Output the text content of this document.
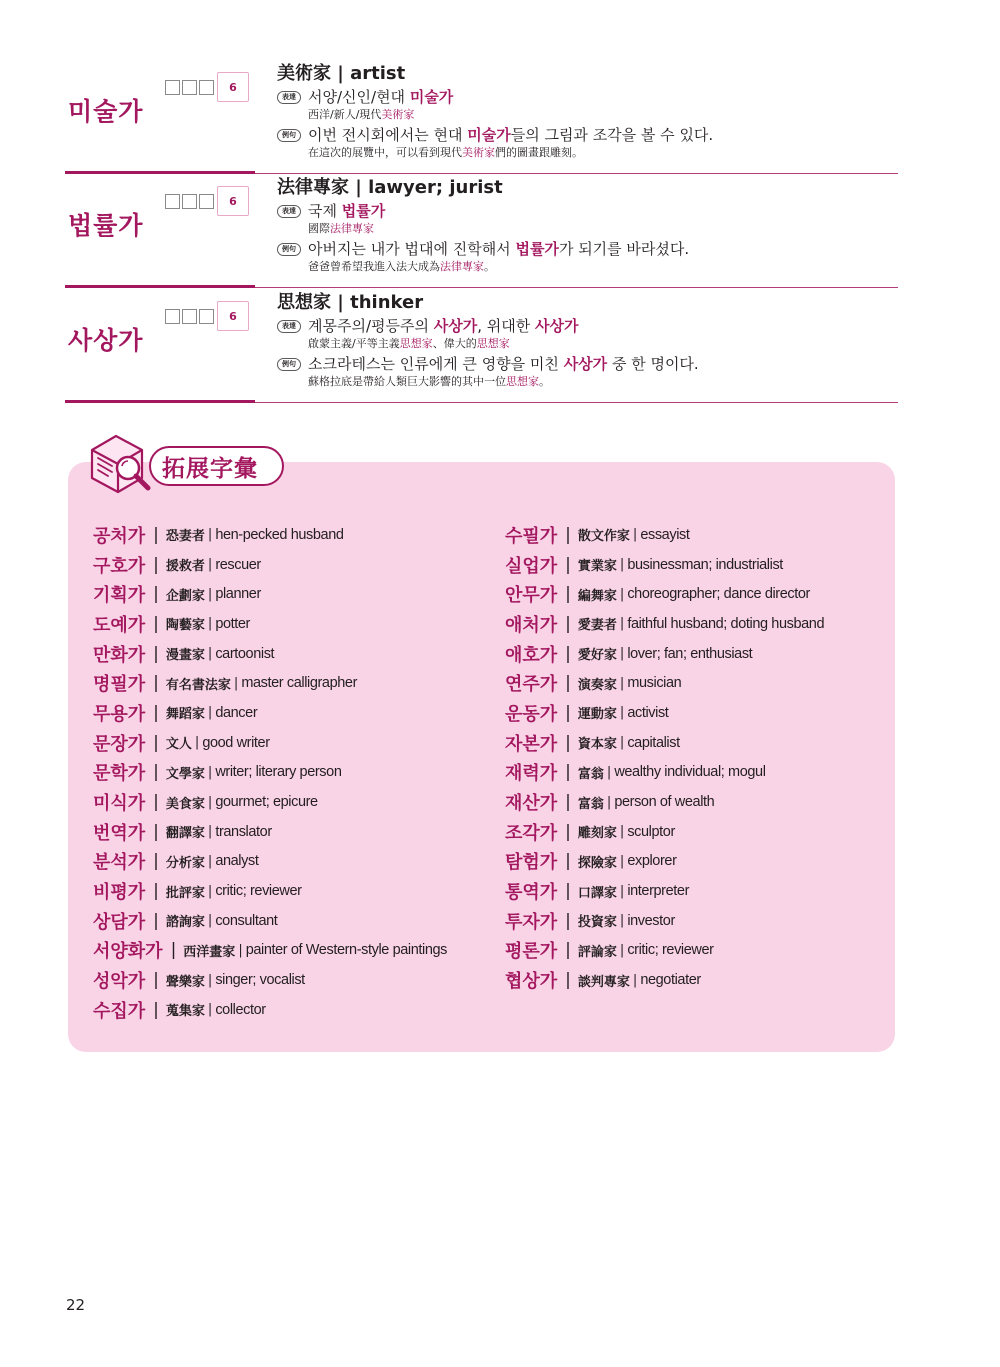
미술가
6
美術家 | artist
表達 서양/신인/현대 미술가
西洋/新人/現代美術家
例句 이번 전시회에서는 현대 미술가들의 그림과 조각을 볼 수 있다.
在這次的展覽中，可以看到現代美術家們的圖畫跟雕刻。
법률가
6
法律專家 | lawyer; jurist
表達 국제 법률가
國際法律專家
例句 아버지는 내가 법대에 진학해서 법률가가 되기를 바라셨다.
爸爸曾希望我進入法大成為法律專家。
사상가
6
思想家 | thinker
表達 계몽주의/평등주의 사상가, 위대한 사상가
啟蒙主義/平等主義思想家、偉大的思想家
例句 소크라테스는 인류에게 큰 영향을 미친 사상가 중 한 명이다.
蘇格拉底是帶給人類巨大影響的其中一位思想家。
拓展字彙
공처가 | 恐妻者 | hen-pecked husband
구호가 | 援救者 | rescuer
기획가 | 企劃家 | planner
도예가 | 陶藝家 | potter
만화가 | 漫畫家 | cartoonist
명필가 | 有名書法家 | master calligrapher
무용가 | 舞蹈家 | dancer
문장가 | 文人 | good writer
문학가 | 文學家 | writer; literary person
미식가 | 美食家 | gourmet; epicure
번역가 | 翻譯家 | translator
분석가 | 分析家 | analyst
비평가 | 批評家 | critic; reviewer
상담가 | 諮詢家 | consultant
서양화가 | 西洋畫家 | painter of Western-style paintings
성악가 | 聲樂家 | singer; vocalist
수집가 | 蒐集家 | collector
수필가 | 散文作家 | essayist
실업가 | 實業家 | businessman; industrialist
안무가 | 編舞家 | choreographer; dance director
애처가 | 愛妻者 | faithful husband; doting husband
애호가 | 愛好家 | lover; fan; enthusiast
연주가 | 演奏家 | musician
운동가 | 運動家 | activist
자본가 | 資本家 | capitalist
재력가 | 富翁 | wealthy individual; mogul
재산가 | 富翁 | person of wealth
조각가 | 雕刻家 | sculptor
탐험가 | 探險家 | explorer
통역가 | 口譯家 | interpreter
투자가 | 投資家 | investor
평론가 | 評論家 | critic; reviewer
협상가 | 談判專家 | negotiater
22
